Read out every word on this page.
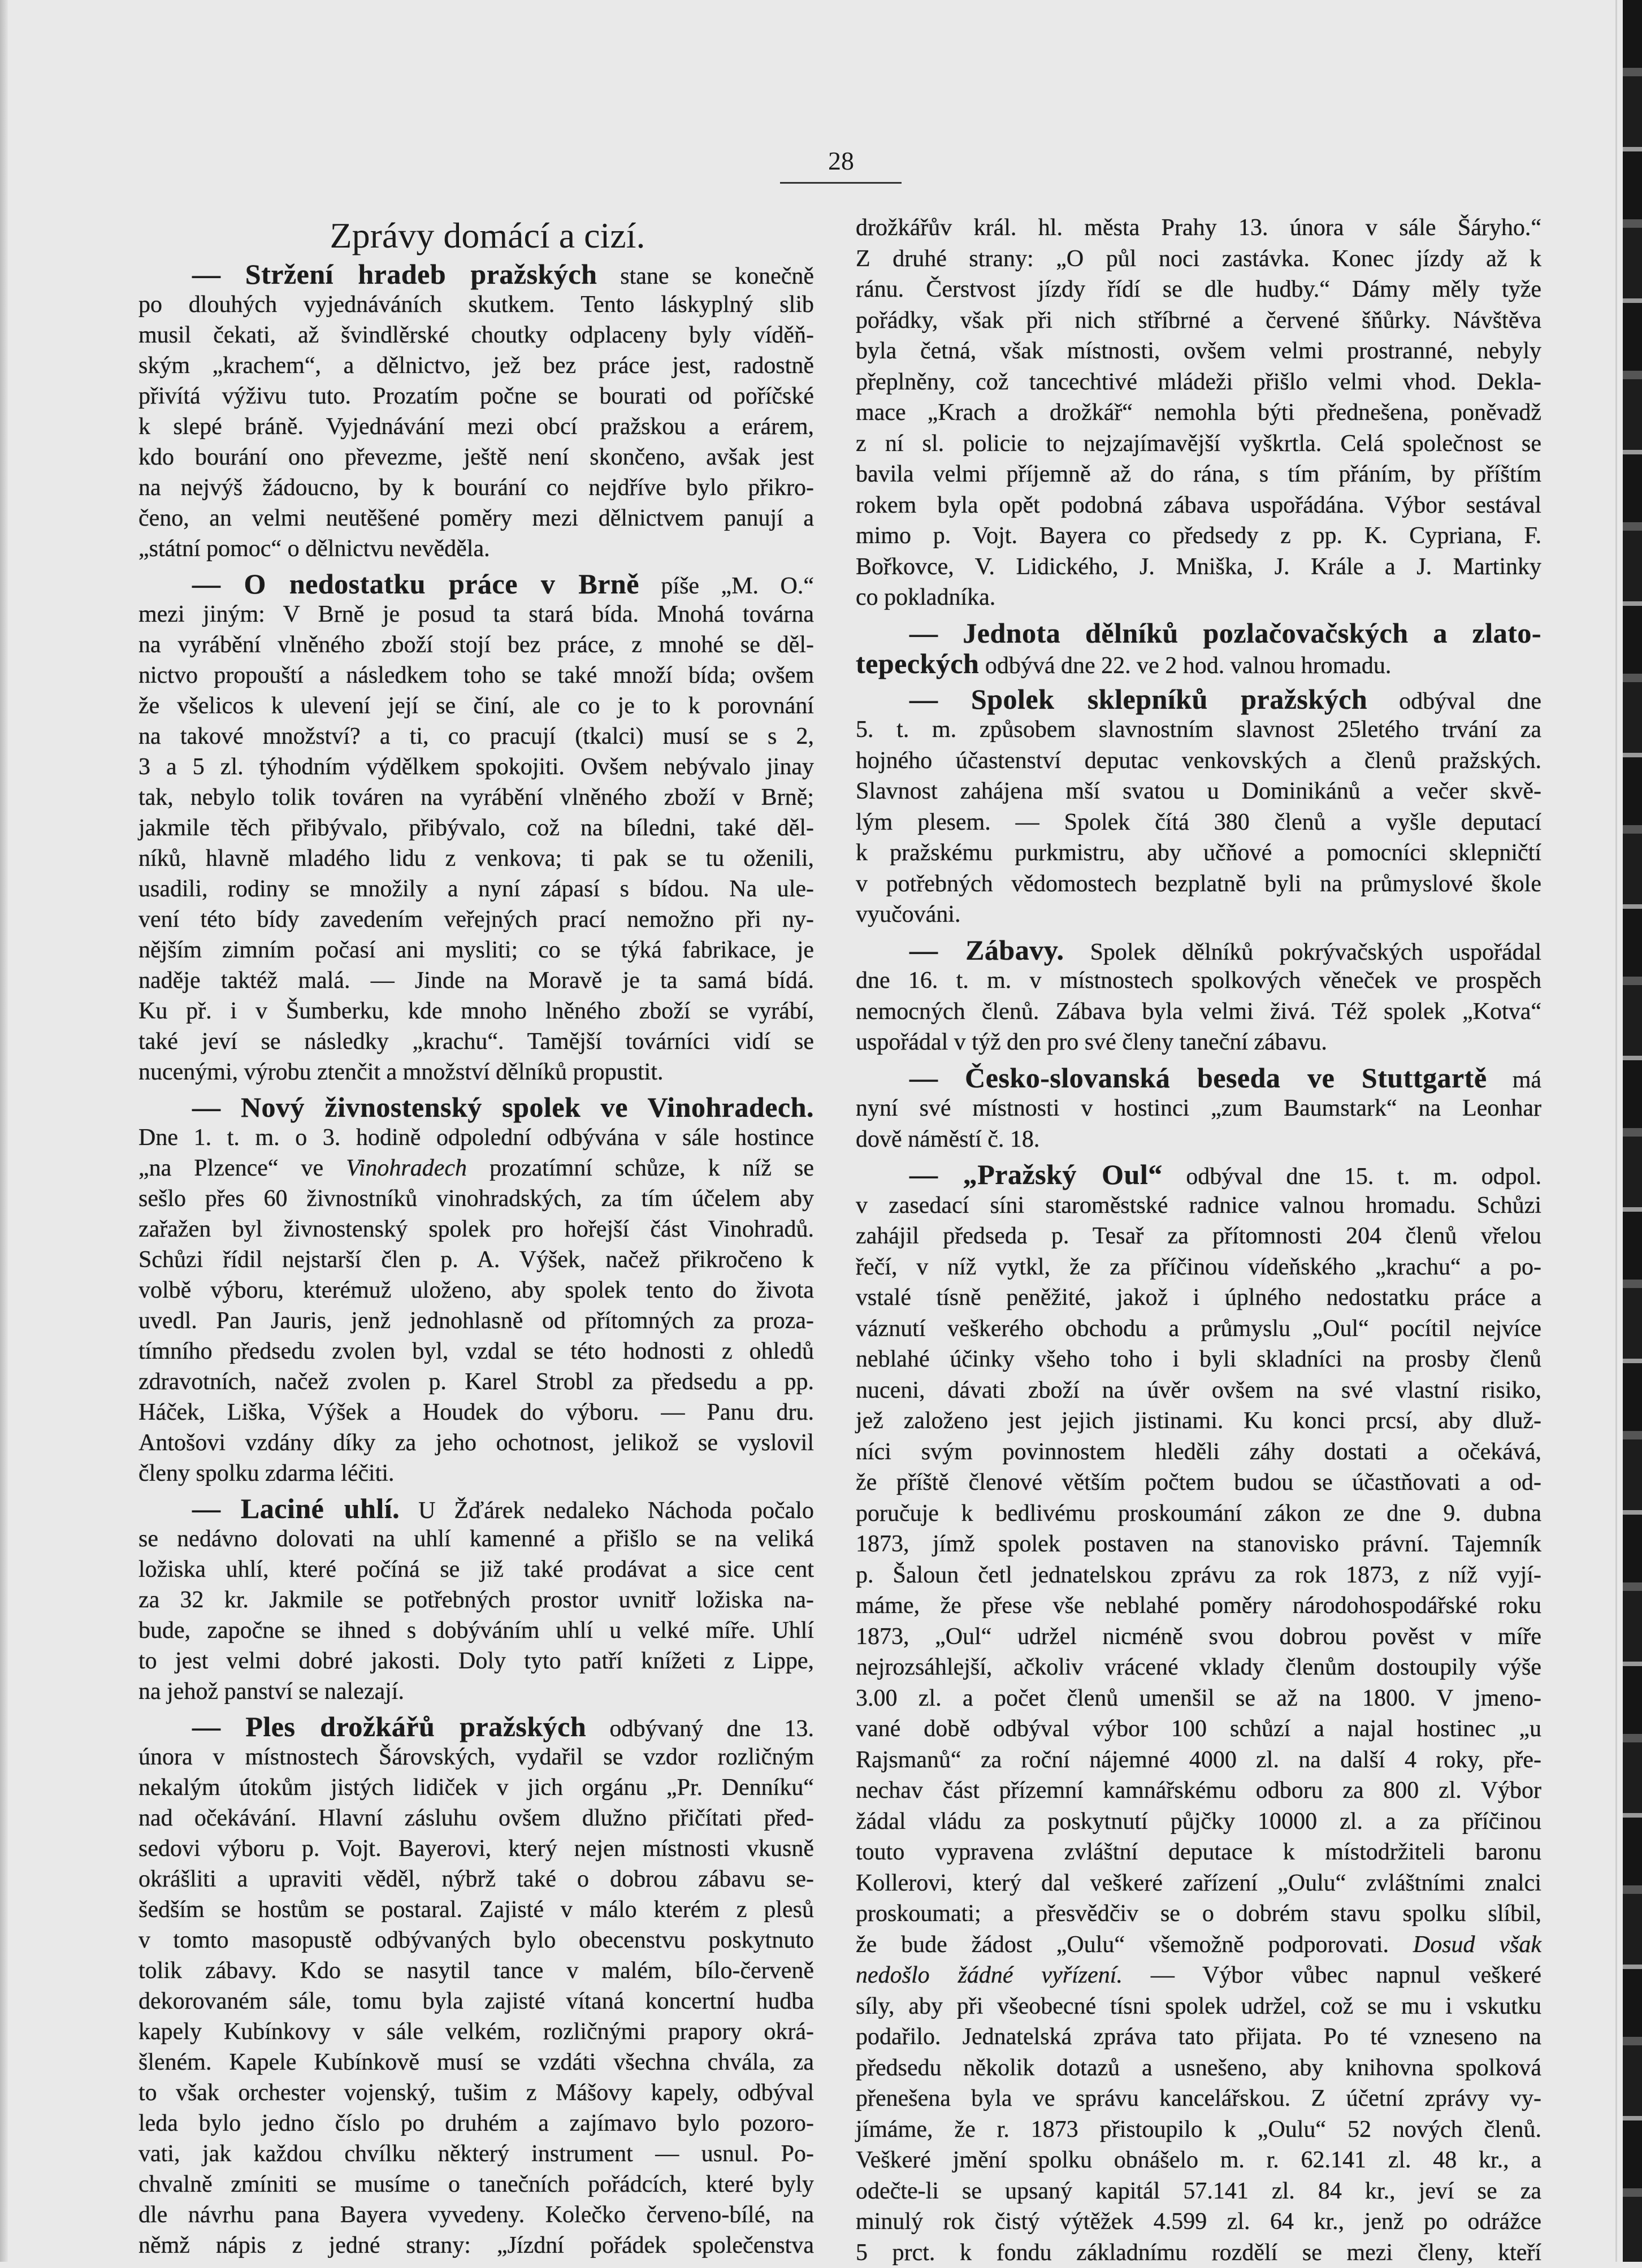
28
Zprávy domácí a cizí.
— Stržení hradeb pražských stane se konečně
po dlouhých vyjednáváních skutkem. Tento láskyplný slib
musil čekati, až švindlěrské choutky odplaceny byly víděň-
ským „krachem“, a dělnictvo, jež bez práce jest, radostně
přivítá výživu tuto. Prozatím počne se bourati od poříčské
k slepé bráně. Vyjednávání mezi obcí pražskou a erárem,
kdo bourání ono převezme, ještě není skončeno, avšak jest
na nejvýš žádoucno, by k bourání co nejdříve bylo přikro-
čeno, an velmi neutěšené poměry mezi dělnictvem panují a
„státní pomoc“ o dělnictvu nevěděla.
— O nedostatku práce v Brně píše „M. O.“
mezi jiným: V Brně je posud ta stará bída. Mnohá továrna
na vyrábění vlněného zboží stojí bez práce, z mnohé se děl-
nictvo propouští a následkem toho se také množí bída; ovšem
že všelicos k ulevení její se činí, ale co je to k porovnání
na takové množství? a ti, co pracují (tkalci) musí se s 2,
3 a 5 zl. týhodním výdělkem spokojiti. Ovšem nebývalo jinay
tak, nebylo tolik továren na vyrábění vlněného zboží v Brně;
jakmile těch přibývalo, přibývalo, což na bíledni, také děl-
níků, hlavně mladého lidu z venkova; ti pak se tu oženili,
usadili, rodiny se množily a nyní zápasí s bídou. Na ule-
vení této bídy zavedením veřejných prací nemožno při ny-
nějším zimním počasí ani mysliti; co se týká fabrikace, je
naděje taktéž malá. — Jinde na Moravě je ta samá bídá.
Ku př. i v Šumberku, kde mnoho lněného zboží se vyrábí,
také jeví se následky „krachu“. Tamější továrníci vidí se
nucenými, výrobu ztenčit a množství dělníků propustit.
— Nový živnostenský spolek ve Vinohradech.
Dne 1. t. m. o 3. hodině odpolední odbývána v sále hostince
„na Plzence“ ve Vinohradech prozatímní schůze, k níž se
sešlo přes 60 živnostníků vinohradských, za tím účelem aby
zařažen byl živnostenský spolek pro hořejší část Vinohradů.
Schůzi řídil nejstarší člen p. A. Výšek, načež přikročeno k
volbě výboru, kterémuž uloženo, aby spolek tento do života
uvedl. Pan Jauris, jenž jednohlasně od přítomných za proza-
tímního předsedu zvolen byl, vzdal se této hodnosti z ohledů
zdravotních, načež zvolen p. Karel Strobl za předsedu a pp.
Háček, Liška, Výšek a Houdek do výboru. — Panu dru.
Antošovi vzdány díky za jeho ochotnost, jelikož se vyslovil
členy spolku zdarma léčiti.
— Laciné uhlí. U Žďárek nedaleko Náchoda počalo
se nedávno dolovati na uhlí kamenné a přišlo se na veliká
ložiska uhlí, které počíná se již také prodávat a sice cent
za 32 kr. Jakmile se potřebných prostor uvnitř ložiska na-
bude, započne se ihned s dobýváním uhlí u velké míře. Uhlí
to jest velmi dobré jakosti. Doly tyto patří knížeti z Lippe,
na jehož panství se nalezají.
— Ples drožkářů pražských odbývaný dne 13.
února v místnostech Šárovských, vydařil se vzdor rozličným
nekalým útokům jistých lidiček v jich orgánu „Pr. Denníku“
nad očekávání. Hlavní zásluhu ovšem dlužno přičítati před-
sedovi výboru p. Vojt. Bayerovi, který nejen místnosti vkusně
okrášliti a upraviti věděl, nýbrž také o dobrou zábavu se-
šedším se hostům se postaral. Zajisté v málo kterém z plesů
v tomto masopustě odbývaných bylo obecenstvu poskytnuto
tolik zábavy. Kdo se nasytil tance v malém, bílo-červeně
dekorovaném sále, tomu byla zajisté vítaná koncertní hudba
kapely Kubínkovy v sále velkém, rozličnými prapory okrá-
šleném. Kapele Kubínkově musí se vzdáti všechna chvála, za
to však orchester vojenský, tušim z Mášovy kapely, odbýval
leda bylo jedno číslo po druhém a zajímavo bylo pozoro-
vati, jak každou chvílku některý instrument — usnul. Po-
chvalně zmíniti se musíme o tanečních pořádcích, které byly
dle návrhu pana Bayera vyvedeny. Kolečko červeno-bílé, na
němž nápis z jedné strany: „Jízdní pořádek společenstva
drožkářův král. hl. města Prahy 13. února v sále Šáryho.“
Z druhé strany: „O půl noci zastávka. Konec jízdy až k
ránu. Čerstvost jízdy řídí se dle hudby.“ Dámy měly tyže
pořádky, však při nich stříbrné a červené šňůrky. Návštěva
byla četná, však místnosti, ovšem velmi prostranné, nebyly
přeplněny, což tancechtivé mládeži přišlo velmi vhod. Dekla-
mace „Krach a drožkář“ nemohla býti přednešena, poněvadž
z ní sl. policie to nejzajímavější vyškrtla. Celá společnost se
bavila velmi příjemně až do rána, s tím přáním, by příštím
rokem byla opět podobná zábava uspořádána. Výbor sestával
mimo p. Vojt. Bayera co předsedy z pp. K. Cypriana, F.
Bořkovce, V. Lidického, J. Mniška, J. Krále a J. Martinky
co pokladníka.
— Jednota dělníků pozlačovačských a zlato-
tepeckých odbývá dne 22. ve 2 hod. valnou hromadu.
— Spolek sklepníků pražských odbýval dne
5. t. m. způsobem slavnostním slavnost 25letého trvání za
hojného účastenství deputac venkovských a členů pražských.
Slavnost zahájena mší svatou u Dominikánů a večer skvě-
lým plesem. — Spolek čítá 380 členů a vyšle deputací
k pražskému purkmistru, aby učňové a pomocníci sklepničtí
v potřebných vědomostech bezplatně byli na průmyslové škole
vyučováni.
— Zábavy. Spolek dělníků pokrývačských uspořádal
dne 16. t. m. v místnostech spolkových věneček ve prospěch
nemocných členů. Zábava byla velmi živá. Též spolek „Kotva“
uspořádal v týž den pro své členy taneční zábavu.
— Česko-slovanská beseda ve Stuttgartě má
nyní své místnosti v hostinci „zum Baumstark“ na Leonhar
dově náměstí č. 18.
— „Pražský Oul“ odbýval dne 15. t. m. odpol.
v zasedací síni staroměstské radnice valnou hromadu. Schůzi
zahájil předseda p. Tesař za přítomnosti 204 členů vřelou
řečí, v níž vytkl, že za příčinou vídeňského „krachu“ a po-
vstalé tísně peněžité, jakož i úplného nedostatku práce a
váznutí veškerého obchodu a průmyslu „Oul“ pocítil nejvíce
neblahé účinky všeho toho i byli skladníci na prosby členů
nuceni, dávati zboží na úvěr ovšem na své vlastní risiko,
jež založeno jest jejich jistinami. Ku konci prcsí, aby dluž-
níci svým povinnostem hleděli záhy dostati a očekává,
že příště členové větším počtem budou se účastňovati a od-
poručuje k bedlivému proskoumání zákon ze dne 9. dubna
1873, jímž spolek postaven na stanovisko právní. Tajemník
p. Šaloun četl jednatelskou zprávu za rok 1873, z níž vyjí-
máme, že přese vše neblahé poměry národohospodářské roku
1873, „Oul“ udržel nicméně svou dobrou pověst v míře
nejrozsáhlejší, ačkoliv vrácené vklady členům dostoupily výše
3.00 zl. a počet členů umenšil se až na 1800. V jmeno-
vané době odbýval výbor 100 schůzí a najal hostinec „u
Rajsmanů“ za roční nájemné 4000 zl. na další 4 roky, pře-
nechav část přízemní kamnářskému odboru za 800 zl. Výbor
žádal vládu za poskytnutí půjčky 10000 zl. a za příčinou
touto vypravena zvláštní deputace k místodržiteli baronu
Kollerovi, který dal veškeré zařízení „Oulu“ zvláštními znalci
proskoumati; a přesvědčiv se o dobrém stavu spolku slíbil,
že bude žádost „Oulu“ všemožně podporovati. Dosud však
nedošlo žádné vyřízení. — Výbor vůbec napnul veškeré
síly, aby při všeobecné tísni spolek udržel, což se mu i vskutku
podařilo. Jednatelská zpráva tato přijata. Po té vzneseno na
předsedu několik dotazů a usnešeno, aby knihovna spolková
přenešena byla ve správu kancelářskou. Z účetní zprávy vy-
jímáme, že r. 1873 přistoupilo k „Oulu“ 52 nových členů.
Veškeré jmění spolku obnášelo m. r. 62.141 zl. 48 kr., a
odečte-li se upsaný kapitál 57.141 zl. 84 kr., jeví se za
minulý rok čistý výtěžek 4.599 zl. 64 kr., jenž po odrážce
5 prct. k fondu základnímu rozdělí se mezi členy, kteří
